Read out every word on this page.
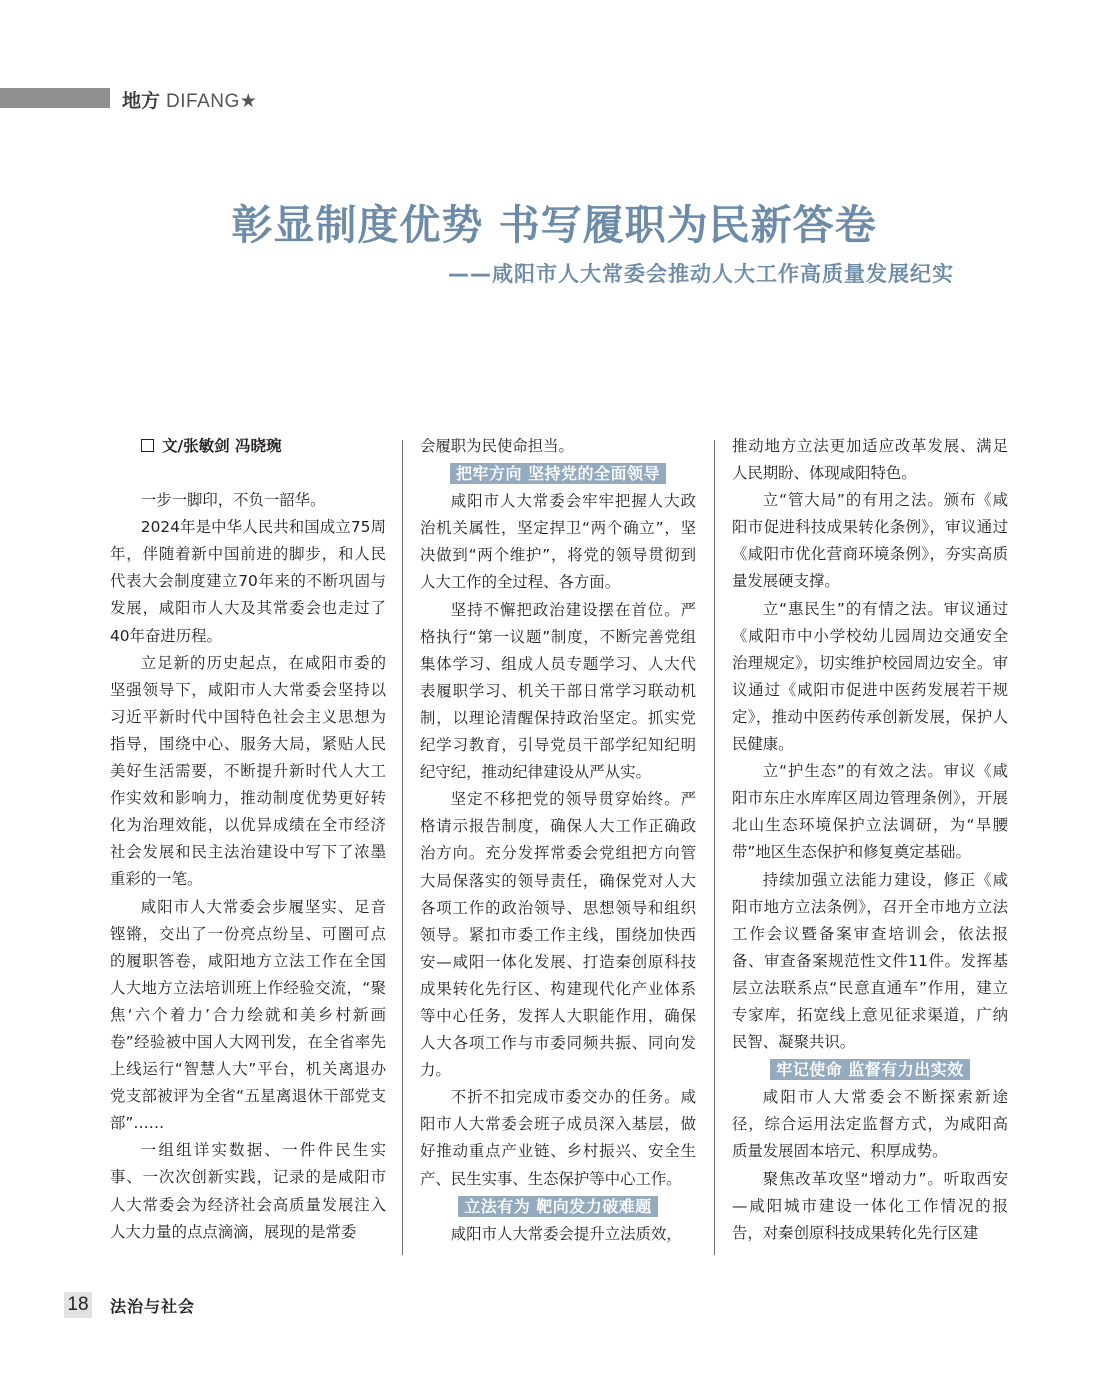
地方 DIFANG★
彰显制度优势 书写履职为民新答卷
——咸阳市人大常委会推动人大工作高质量发展纪实

文/张敏剑 冯晓琬

一步一脚印，不负一韶华。

2024年是中华人民共和国成立75周年，伴随着新中国前进的脚步，和人民代表大会制度建立70年来的不断巩固与发展，咸阳市人大及其常委会也走过了40年奋进历程。

立足新的历史起点，在咸阳市委的坚强领导下，咸阳市人大常委会坚持以习近平新时代中国特色社会主义思想为指导，围绕中心、服务大局，紧贴人民美好生活需要，不断提升新时代人大工作实效和影响力，推动制度优势更好转化为治理效能，以优异成绩在全市经济社会发展和民主法治建设中写下了浓墨重彩的一笔。

咸阳市人大常委会步履坚实、足音铿锵，交出了一份亮点纷呈、可圈可点的履职答卷，咸阳地方立法工作在全国人大地方立法培训班上作经验交流，“聚焦‘六个着力’合力绘就和美乡村新画卷”经验被中国人大网刊发，在全省率先上线运行“智慧人大”平台，机关离退办党支部被评为全省“五星离退休干部党支部”……

一组组详实数据、一件件民生实事、一次次创新实践，记录的是咸阳市人大常委会为经济社会高质量发展注入人大力量的点点滴滴，展现的是常委

会履职为民使命担当。

把牢方向 坚持党的全面领导

咸阳市人大常委会牢牢把握人大政治机关属性，坚定捍卫“两个确立”，坚决做到“两个维护”，将党的领导贯彻到人大工作的全过程、各方面。

坚持不懈把政治建设摆在首位。严格执行“第一议题”制度，不断完善党组集体学习、组成人员专题学习、人大代表履职学习、机关干部日常学习联动机制，以理论清醒保持政治坚定。抓实党纪学习教育，引导党员干部学纪知纪明纪守纪，推动纪律建设从严从实。

坚定不移把党的领导贯穿始终。严格请示报告制度，确保人大工作正确政治方向。充分发挥常委会党组把方向管大局保落实的领导责任，确保党对人大各项工作的政治领导、思想领导和组织领导。紧扣市委工作主线，围绕加快西安—咸阳一体化发展、打造秦创原科技成果转化先行区、构建现代化产业体系等中心任务，发挥人大职能作用，确保人大各项工作与市委同频共振、同向发力。

不折不扣完成市委交办的任务。咸阳市人大常委会班子成员深入基层，做好推动重点产业链、乡村振兴、安全生产、民生实事、生态保护等中心工作。

立法有为 靶向发力破难题

咸阳市人大常委会提升立法质效，

推动地方立法更加适应改革发展、满足人民期盼、体现咸阳特色。

立“管大局”的有用之法。颁布《咸阳市促进科技成果转化条例》，审议通过《咸阳市优化营商环境条例》，夯实高质量发展硬支撑。

立“惠民生”的有情之法。审议通过《咸阳市中小学校幼儿园周边交通安全治理规定》，切实维护校园周边安全。审议通过《咸阳市促进中医药发展若干规定》，推动中医药传承创新发展，保护人民健康。

立“护生态”的有效之法。审议《咸阳市东庄水库库区周边管理条例》，开展北山生态环境保护立法调研，为“旱腰带”地区生态保护和修复奠定基础。

持续加强立法能力建设，修正《咸阳市地方立法条例》，召开全市地方立法工作会议暨备案审查培训会，依法报备、审查备案规范性文件11件。发挥基层立法联系点“民意直通车”作用，建立专家库，拓宽线上意见征求渠道，广纳民智、凝聚共识。

牢记使命 监督有力出实效

咸阳市人大常委会不断探索新途径，综合运用法定监督方式，为咸阳高质量发展固本培元、积厚成势。

聚焦改革攻坚“增动力”。听取西安—咸阳城市建设一体化工作情况的报告，对秦创原科技成果转化先行区建

18 法治与社会
